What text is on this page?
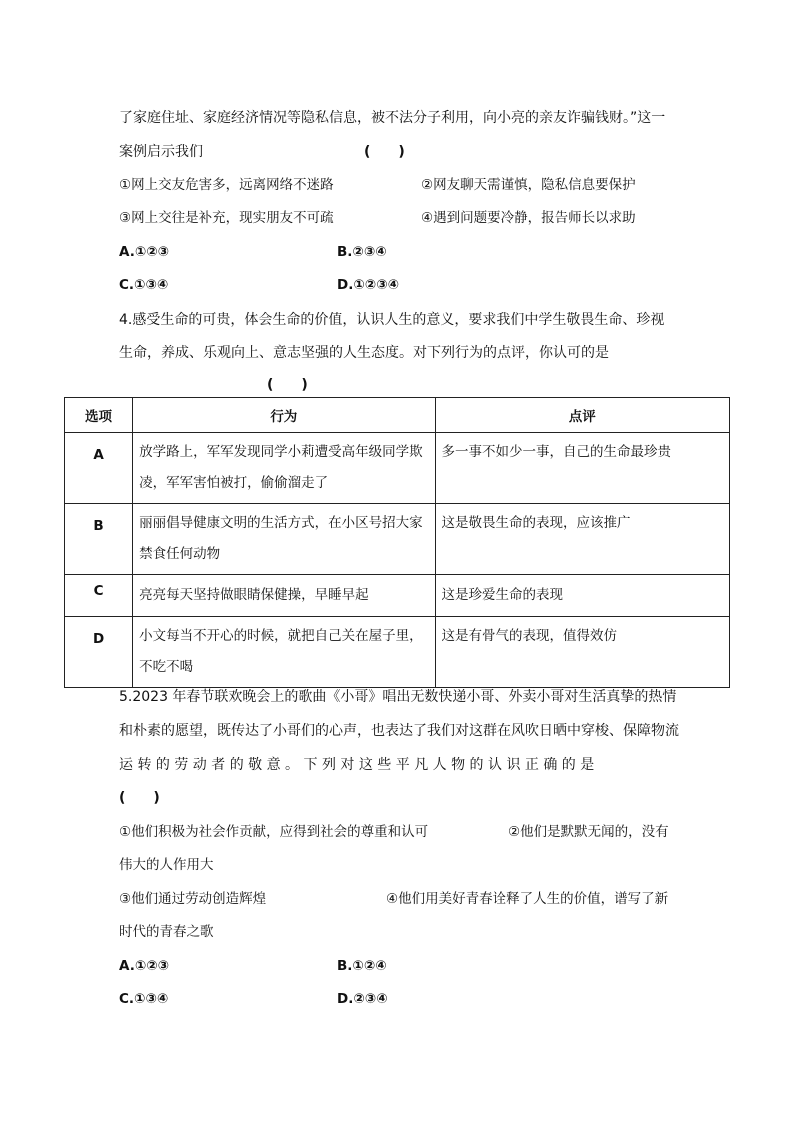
了家庭住址、家庭经济情况等隐私信息，被不法分子利用，向小亮的亲友诈骗钱财。”这一
案例启示我们	(　　)
①网上交友危害多，远离网络不迷路	②网友聊天需谨慎，隐私信息要保护
③网上交往是补充，现实朋友不可疏	④遇到问题要冷静，报告师长以求助
A.①②③	B.②③④
C.①③④	D.①②③④
4.感受生命的可贵，体会生命的价值，认识人生的意义，要求我们中学生敬畏生命、珍视
生命，养成、乐观向上、意志坚强的人生态度。对下列行为的点评，你认可的是
(　　)
选项	行为	点评
A	放学路上，军军发现同学小莉遭受高年级同学欺凌，军军害怕被打，偷偷溜走了	多一事不如少一事，自己的生命最珍贵
B	丽丽倡导健康文明的生活方式，在小区号招大家禁食任何动物	这是敬畏生命的表现，应该推广
C	亮亮每天坚持做眼睛保健操，早睡早起	这是珍爱生命的表现
D	小文每当不开心的时候，就把自己关在屋子里，不吃不喝	这是有骨气的表现，值得效仿
5.2023 年春节联欢晚会上的歌曲《小哥》唱出无数快递小哥、外卖小哥对生活真挚的热情
和朴素的愿望，既传达了小哥们的心声，也表达了我们对这群在风吹日晒中穿梭、保障物流
运 转 的 劳 动 者 的 敬 意 。 下 列 对 这 些 平 凡 人 物 的 认 识 正 确 的 是
(　　)
①他们积极为社会作贡献，应得到社会的尊重和认可	②他们是默默无闻的，没有
伟大的人作用大
③他们通过劳动创造辉煌	④他们用美好青春诠释了人生的价值，谱写了新
时代的青春之歌
A.①②③	B.①②④
C.①③④	D.②③④
